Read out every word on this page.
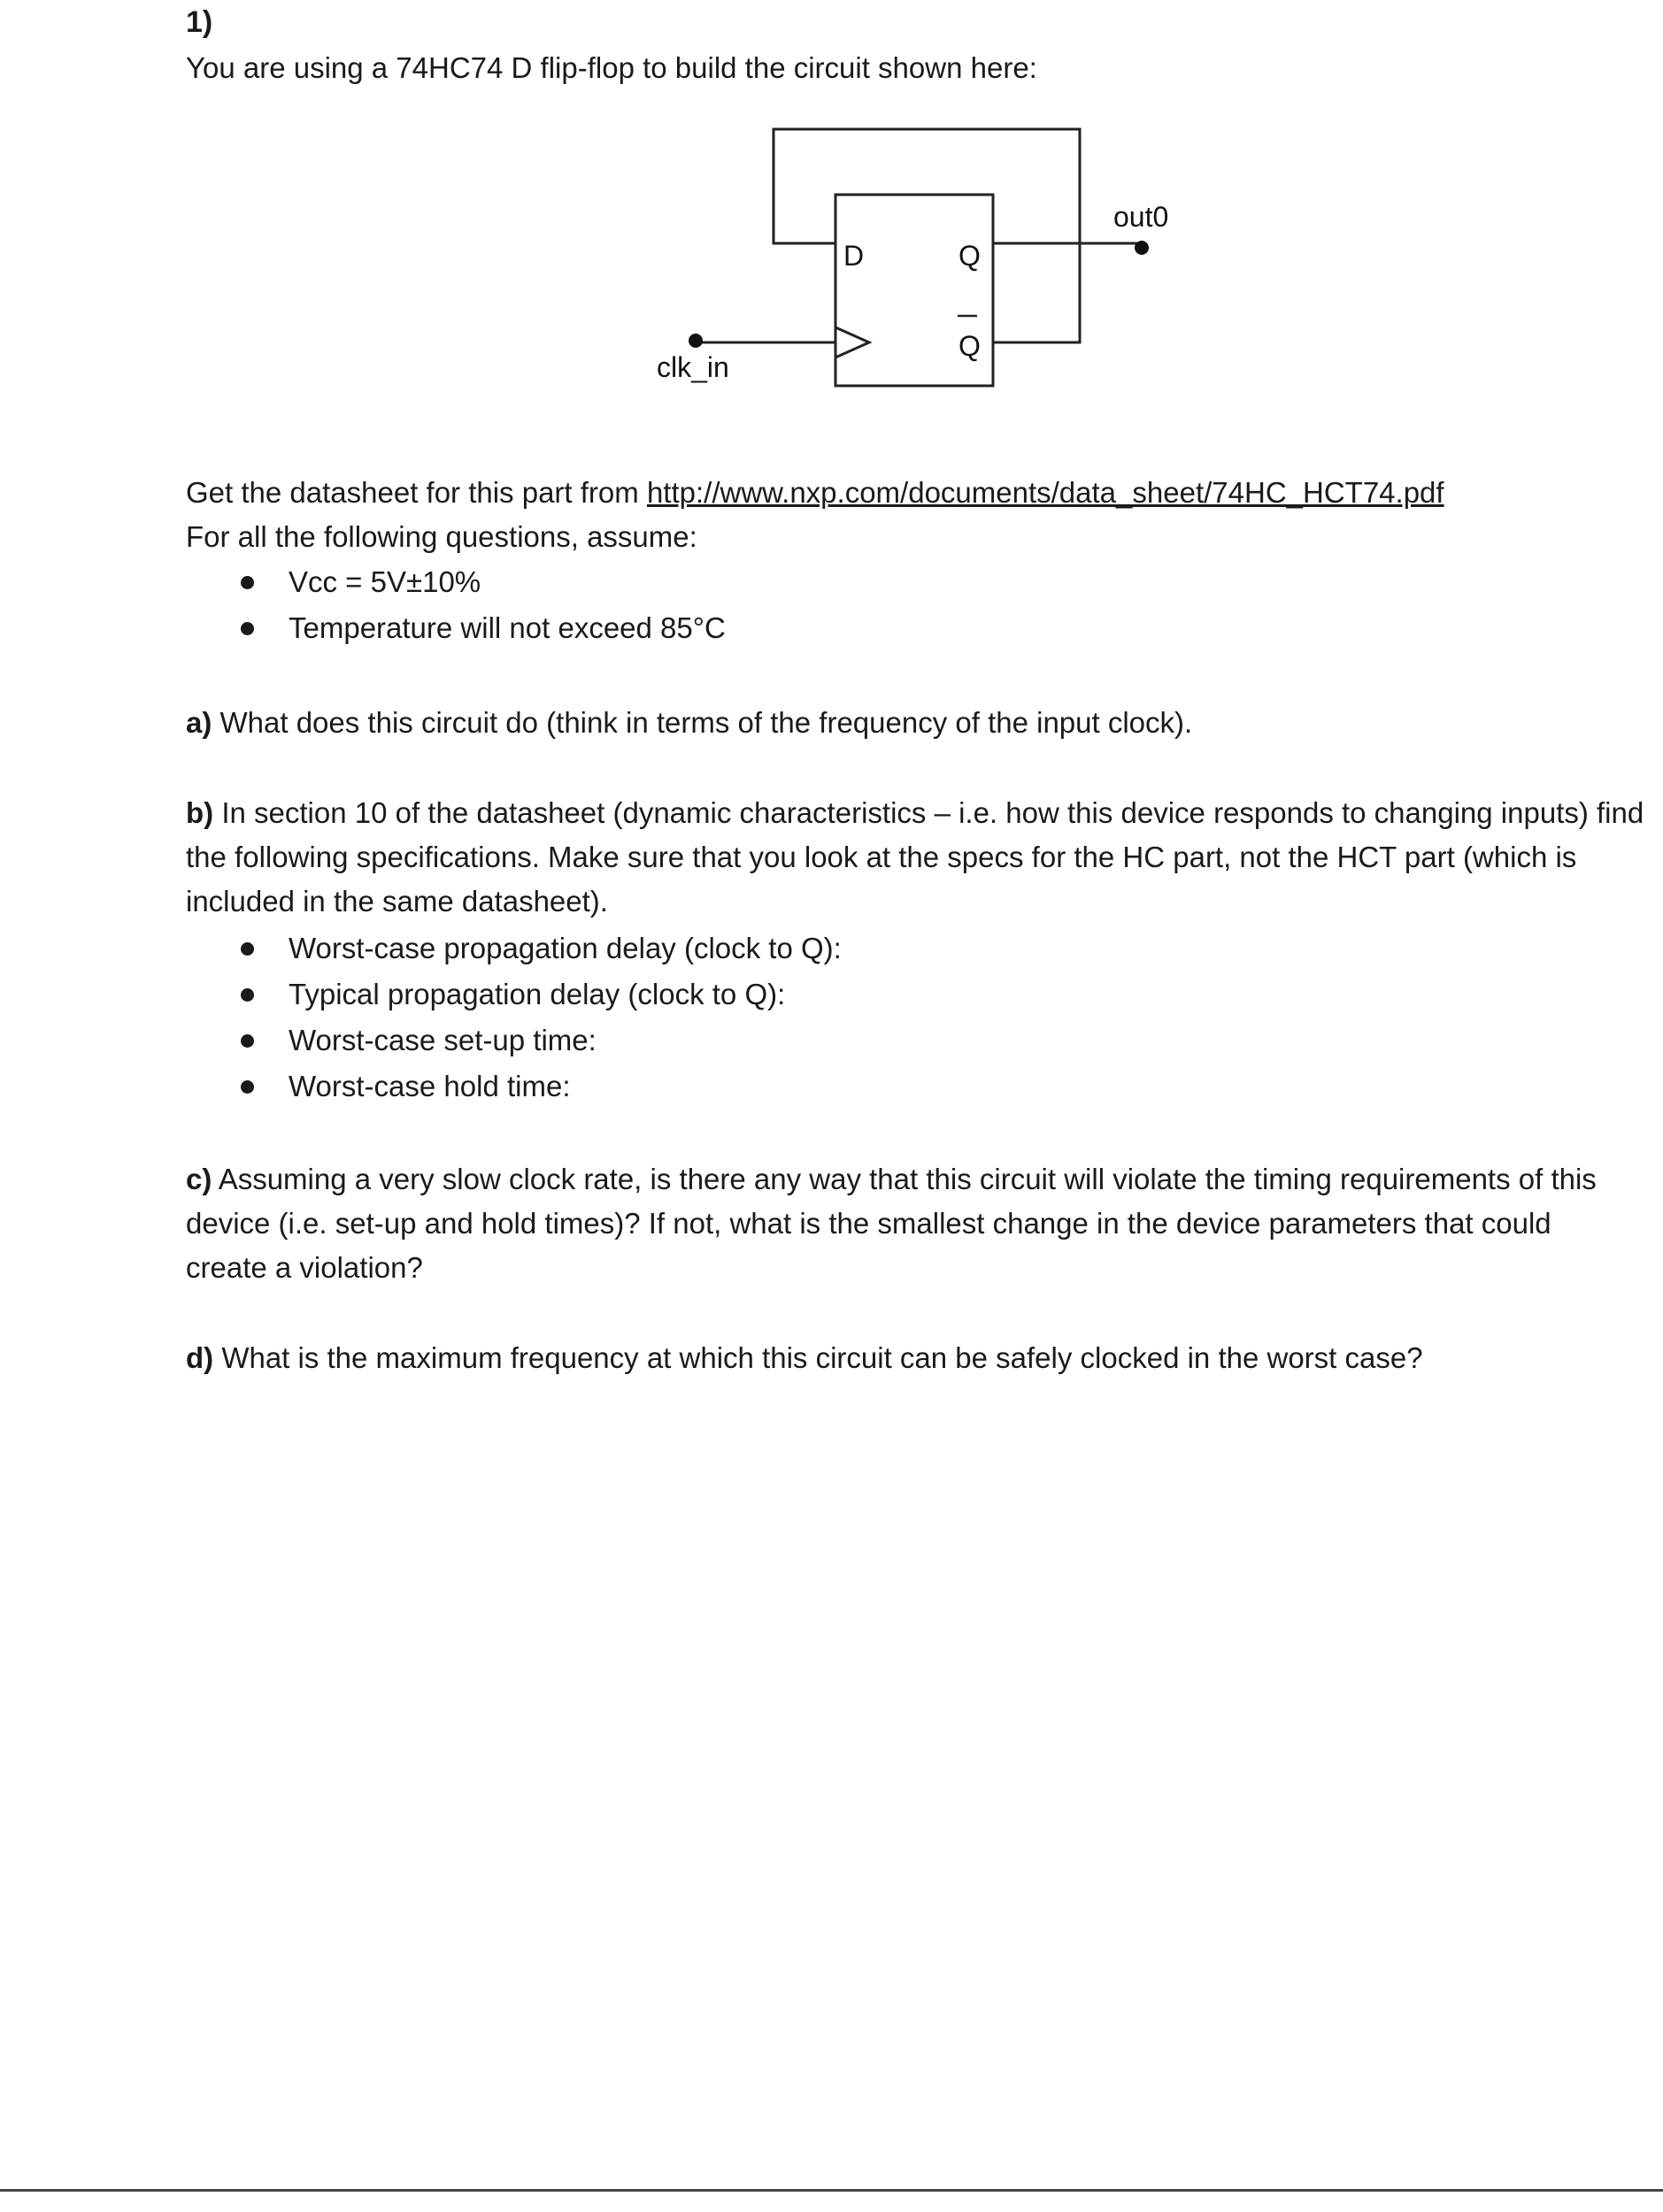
1)
You are using a 74HC74 D flip-flop to build the circuit shown here:
D	Q
Q
out0
clk_in
Get the datasheet for this part from http://www.nxp.com/documents/data_sheet/74HC_HCT74.pdf
For all the following questions, assume:
Vcc = 5V±10%
Temperature will not exceed 85°C
a) What does this circuit do (think in terms of the frequency of the input clock).
b) In section 10 of the datasheet (dynamic characteristics – i.e. how this device responds to changing inputs) find the following specifications. Make sure that you look at the specs for the HC part, not the HCT part (which is included in the same datasheet).
Worst-case propagation delay (clock to Q):
Typical propagation delay (clock to Q):
Worst-case set-up time:
Worst-case hold time:
c) Assuming a very slow clock rate, is there any way that this circuit will violate the timing requirements of this device (i.e. set-up and hold times)? If not, what is the smallest change in the device parameters that could create a violation?
d) What is the maximum frequency at which this circuit can be safely clocked in the worst case?
